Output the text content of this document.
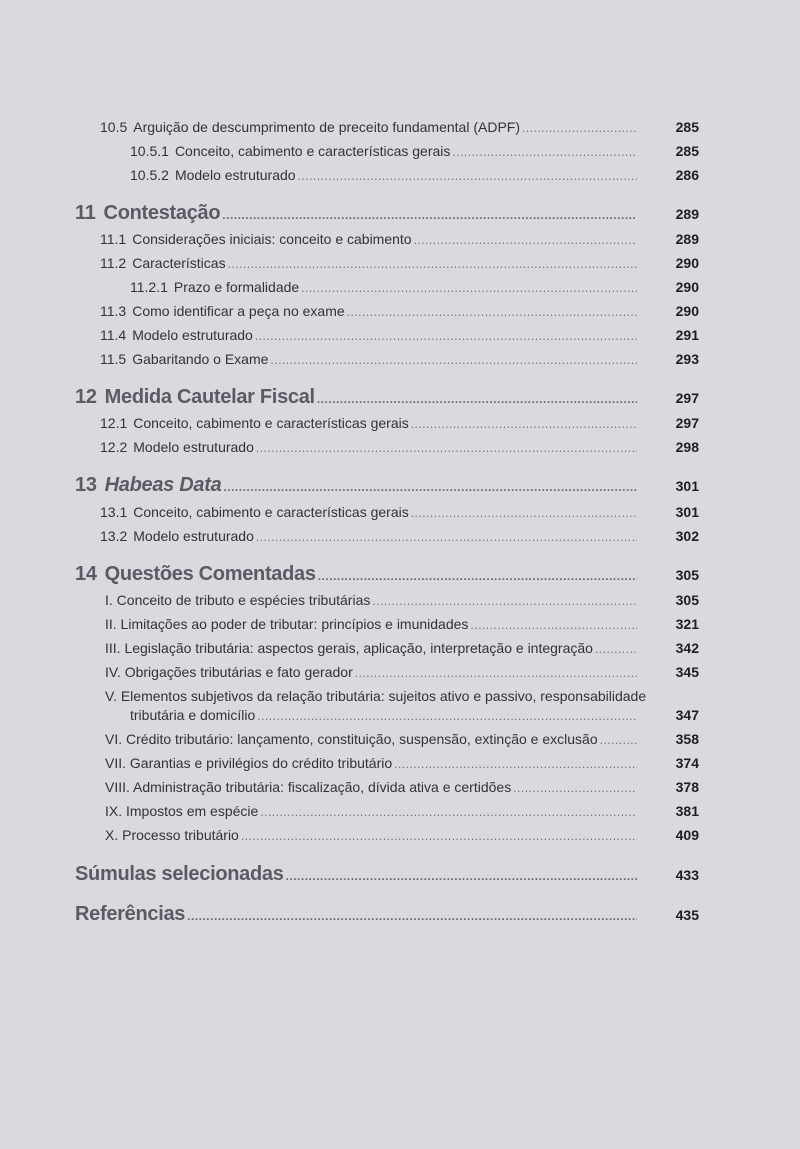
10.5 Arguição de descumprimento de preceito fundamental (ADPF) .....	285
10.5.1 Conceito, cabimento e características gerais .....	285
10.5.2 Modelo estruturado .....	286
11 Contestação .....	289
11.1 Considerações iniciais: conceito e cabimento .....	289
11.2 Características .....	290
11.2.1 Prazo e formalidade .....	290
11.3 Como identificar a peça no exame .....	290
11.4 Modelo estruturado .....	291
11.5 Gabaritando o Exame .....	293
12 Medida Cautelar Fiscal .....	297
12.1 Conceito, cabimento e características gerais .....	297
12.2 Modelo estruturado .....	298
13 Habeas Data .....	301
13.1 Conceito, cabimento e características gerais .....	301
13.2 Modelo estruturado .....	302
14 Questões Comentadas .....	305
I. Conceito de tributo e espécies tributárias .....	305
II. Limitações ao poder de tributar: princípios e imunidades .....	321
III. Legislação tributária: aspectos gerais, aplicação, interpretação e integração .....	342
IV. Obrigações tributárias e fato gerador .....	345
V. Elementos subjetivos da relação tributária: sujeitos ativo e passivo, responsabilidade
tributária e domicílio .....	347
VI. Crédito tributário: lançamento, constituição, suspensão, extinção e exclusão .....	358
VII. Garantias e privilégios do crédito tributário .....	374
VIII. Administração tributária: fiscalização, dívida ativa e certidões .....	378
IX. Impostos em espécie .....	381
X. Processo tributário .....	409
Súmulas selecionadas .....	433
Referências .....	435
